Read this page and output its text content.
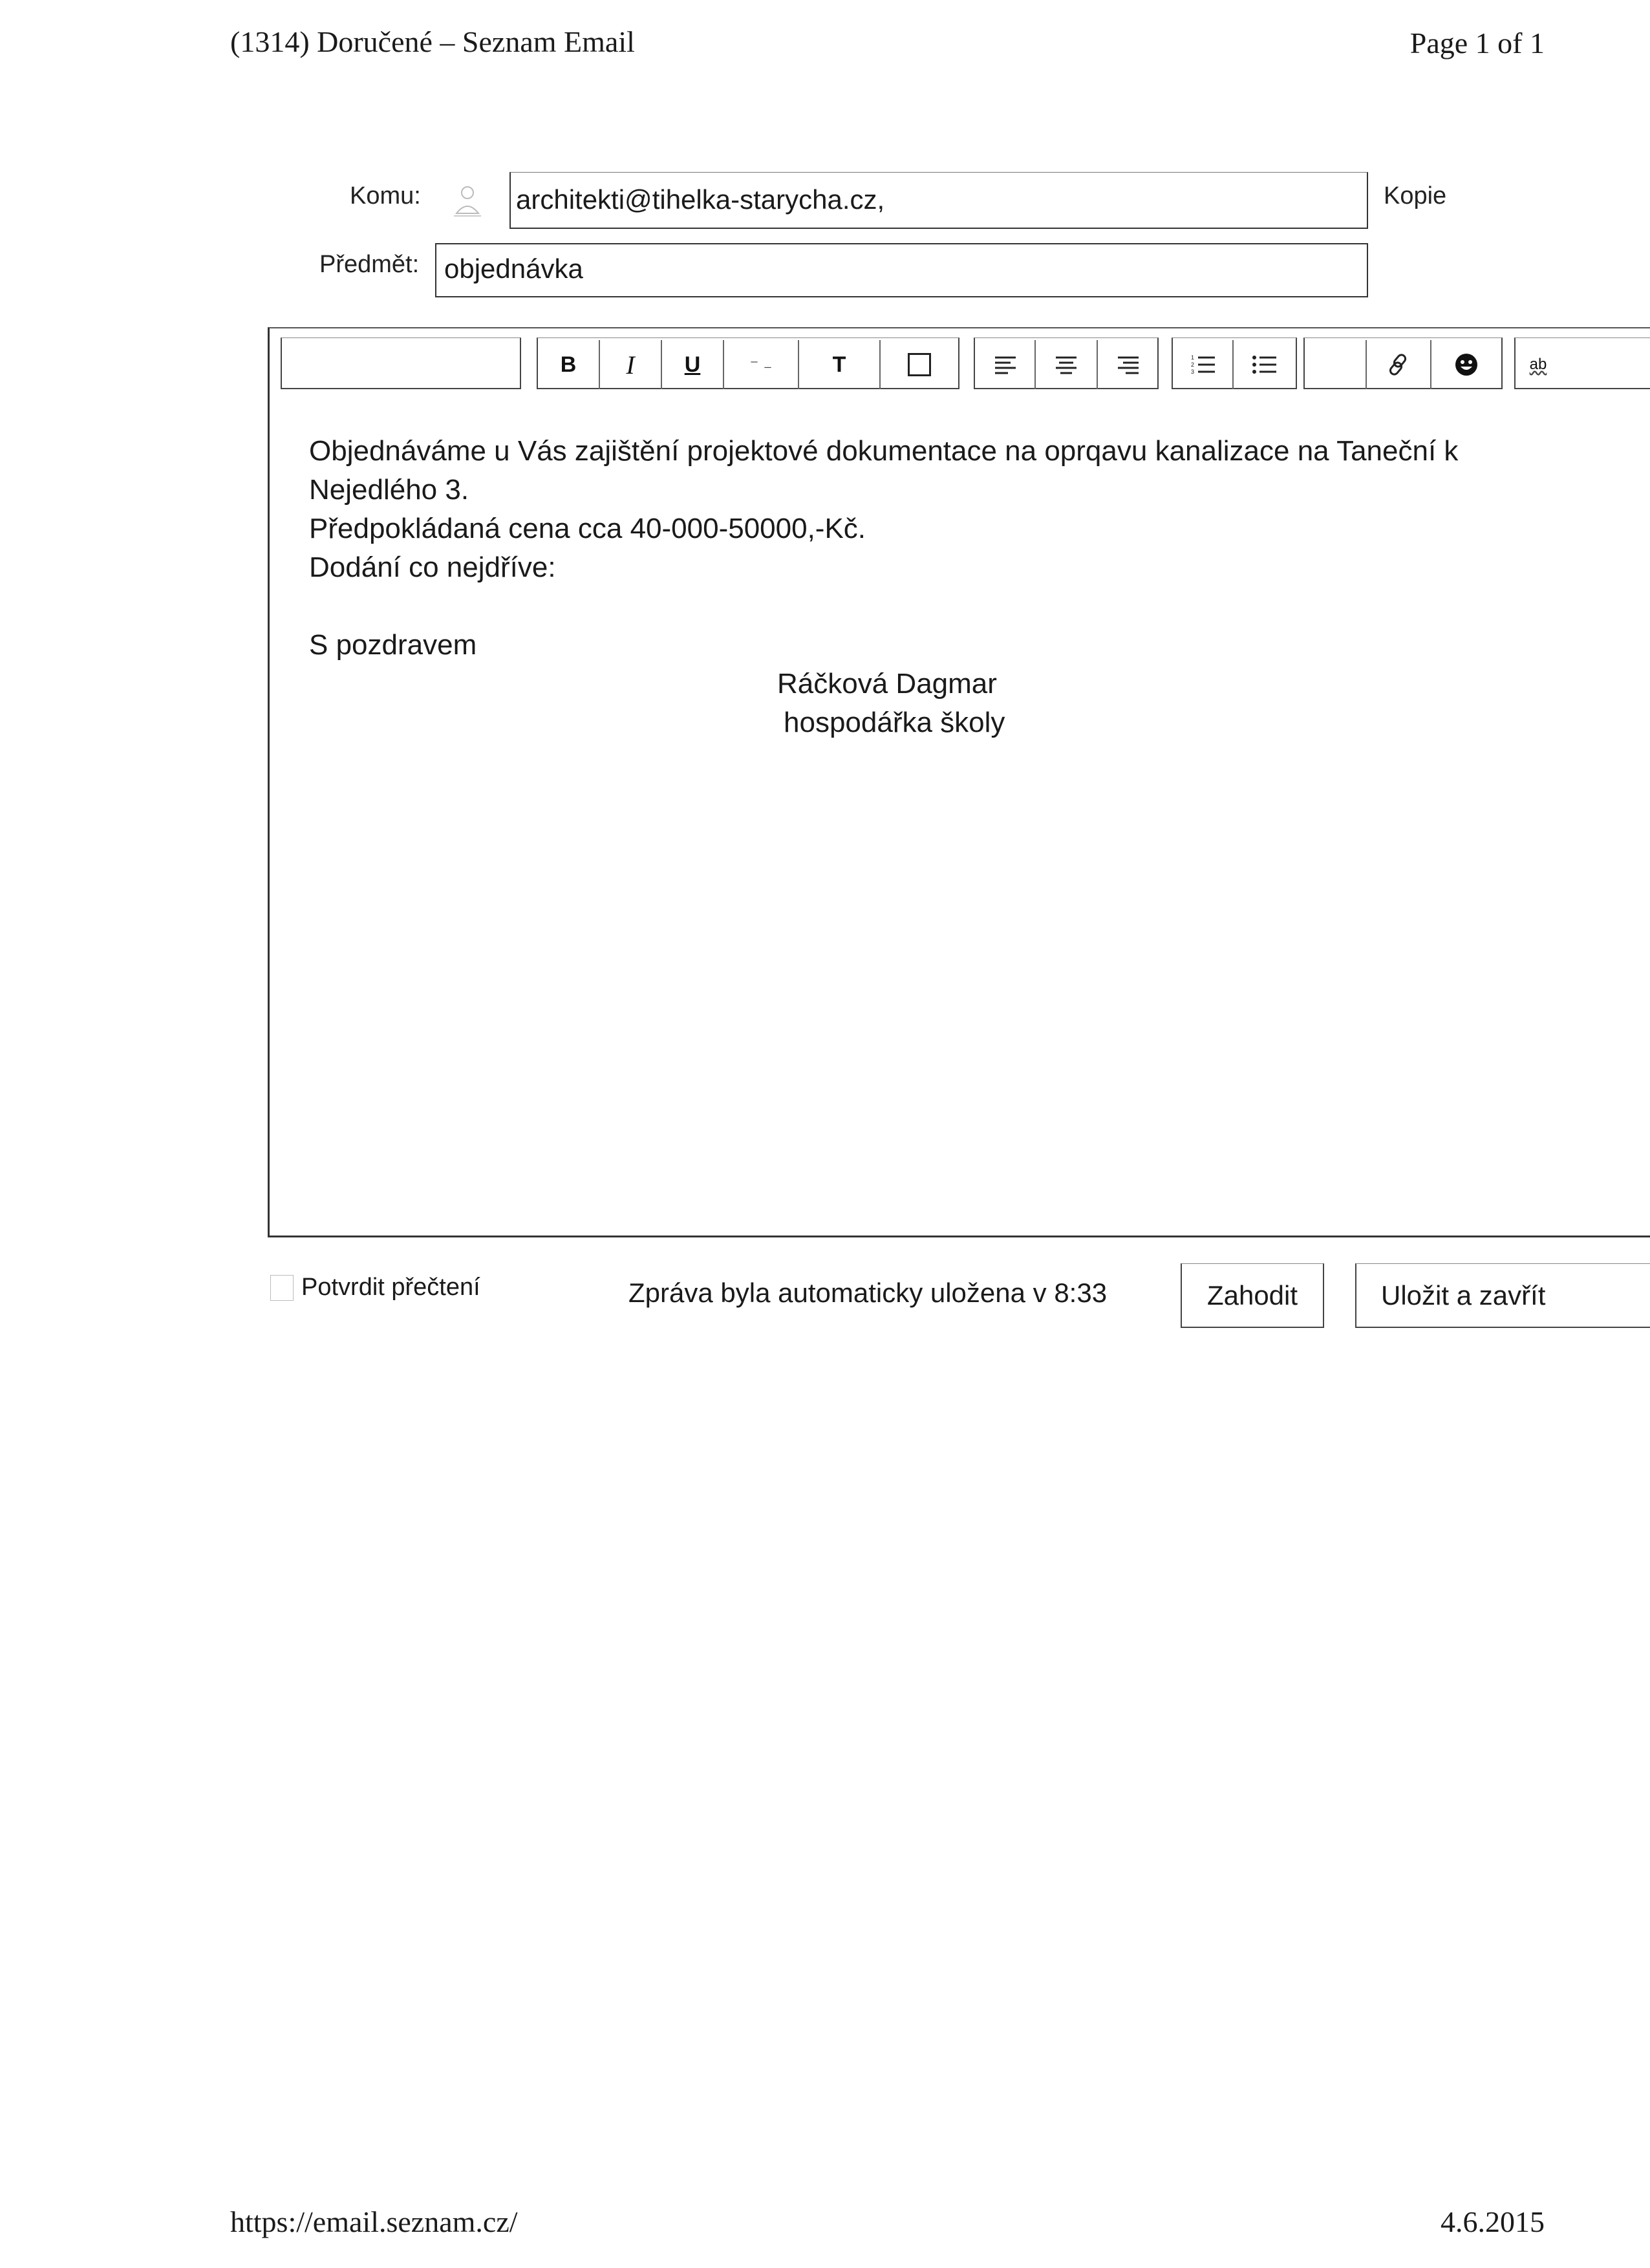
(1314) Doručené – Seznam Email	Page 1 of 1
Komu:	architekti@tihelka-starycha.cz,	Kopie
Předmět: objednávka
B	I	U	⁻ ₋	T	1
2
3	ab
Objednáváme u Vás zajištění projektové dokumentace na oprqavu kanalizace na Taneční k
Nejedlého 3.
Předpokládaná cena cca 40-000-50000,-Kč.
Dodání co nejdříve:
S pozdravem
Ráčková Dagmar
hospodářka školy
Potvrdit přečtení	Zpráva byla automaticky uložena v 8:33	Zahodit	Uložit a zavřít
https://email.seznam.cz/	4.6.2015
